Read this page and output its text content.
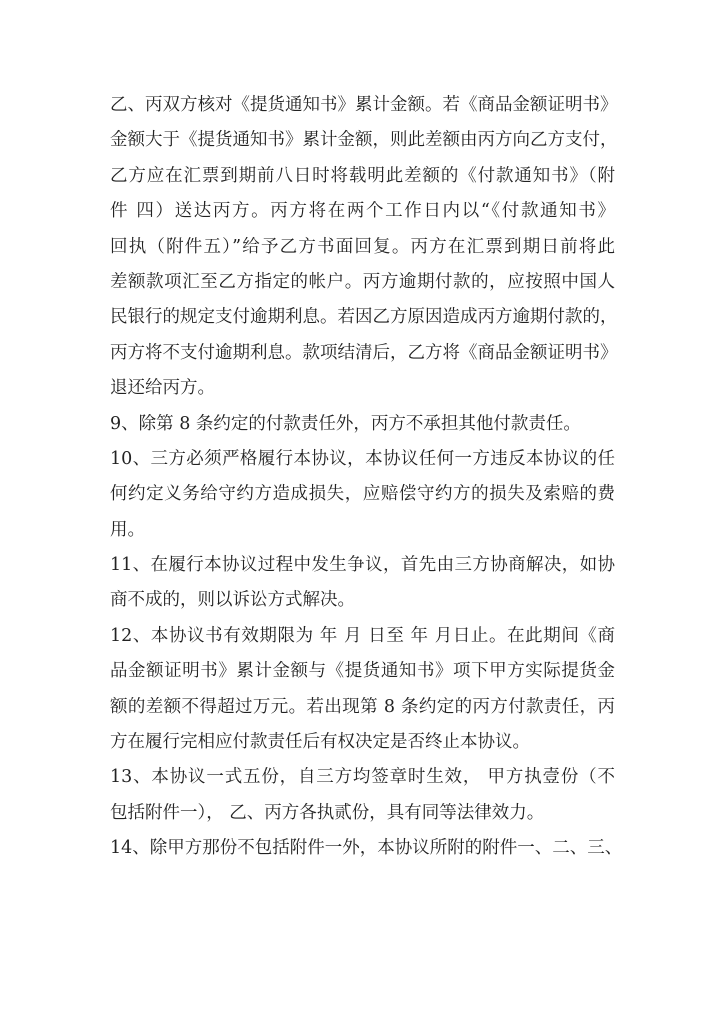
乙、丙双方核对《提货通知书》累计金额。若《商品金额证明书》
金额大于《提货通知书》累计金额，则此差额由丙方向乙方支付，
乙方应在汇票到期前八日时将载明此差额的《付款通知书》（附
件 四）送达丙方。丙方将在两个工作日内以“《付款通知书》
回执（附件五）”给予乙方书面回复。丙方在汇票到期日前将此
差额款项汇至乙方指定的帐户。丙方逾期付款的，应按照中国人
民银行的规定支付逾期利息。若因乙方原因造成丙方逾期付款的，
丙方将不支付逾期利息。款项结清后，乙方将《商品金额证明书》
退还给丙方。
9、除第 8 条约定的付款责任外，丙方不承担其他付款责任。
10、三方必须严格履行本协议，本协议任何一方违反本协议的任
何约定义务给守约方造成损失，应赔偿守约方的损失及索赔的费
用。
11、在履行本协议过程中发生争议，首先由三方协商解决，如协
商不成的，则以诉讼方式解决。
12、本协议书有效期限为 年 月 日至 年 月日止。在此期间《商
品金额证明书》累计金额与《提货通知书》项下甲方实际提货金
额的差额不得超过万元。若出现第 8 条约定的丙方付款责任，丙
方在履行完相应付款责任后有权决定是否终止本协议。
13、本协议一式五份，自三方均签章时生效， 甲方执壹份（不
包括附件一）， 乙、丙方各执贰份，具有同等法律效力。
14、除甲方那份不包括附件一外，本协议所附的附件一、二、三、
